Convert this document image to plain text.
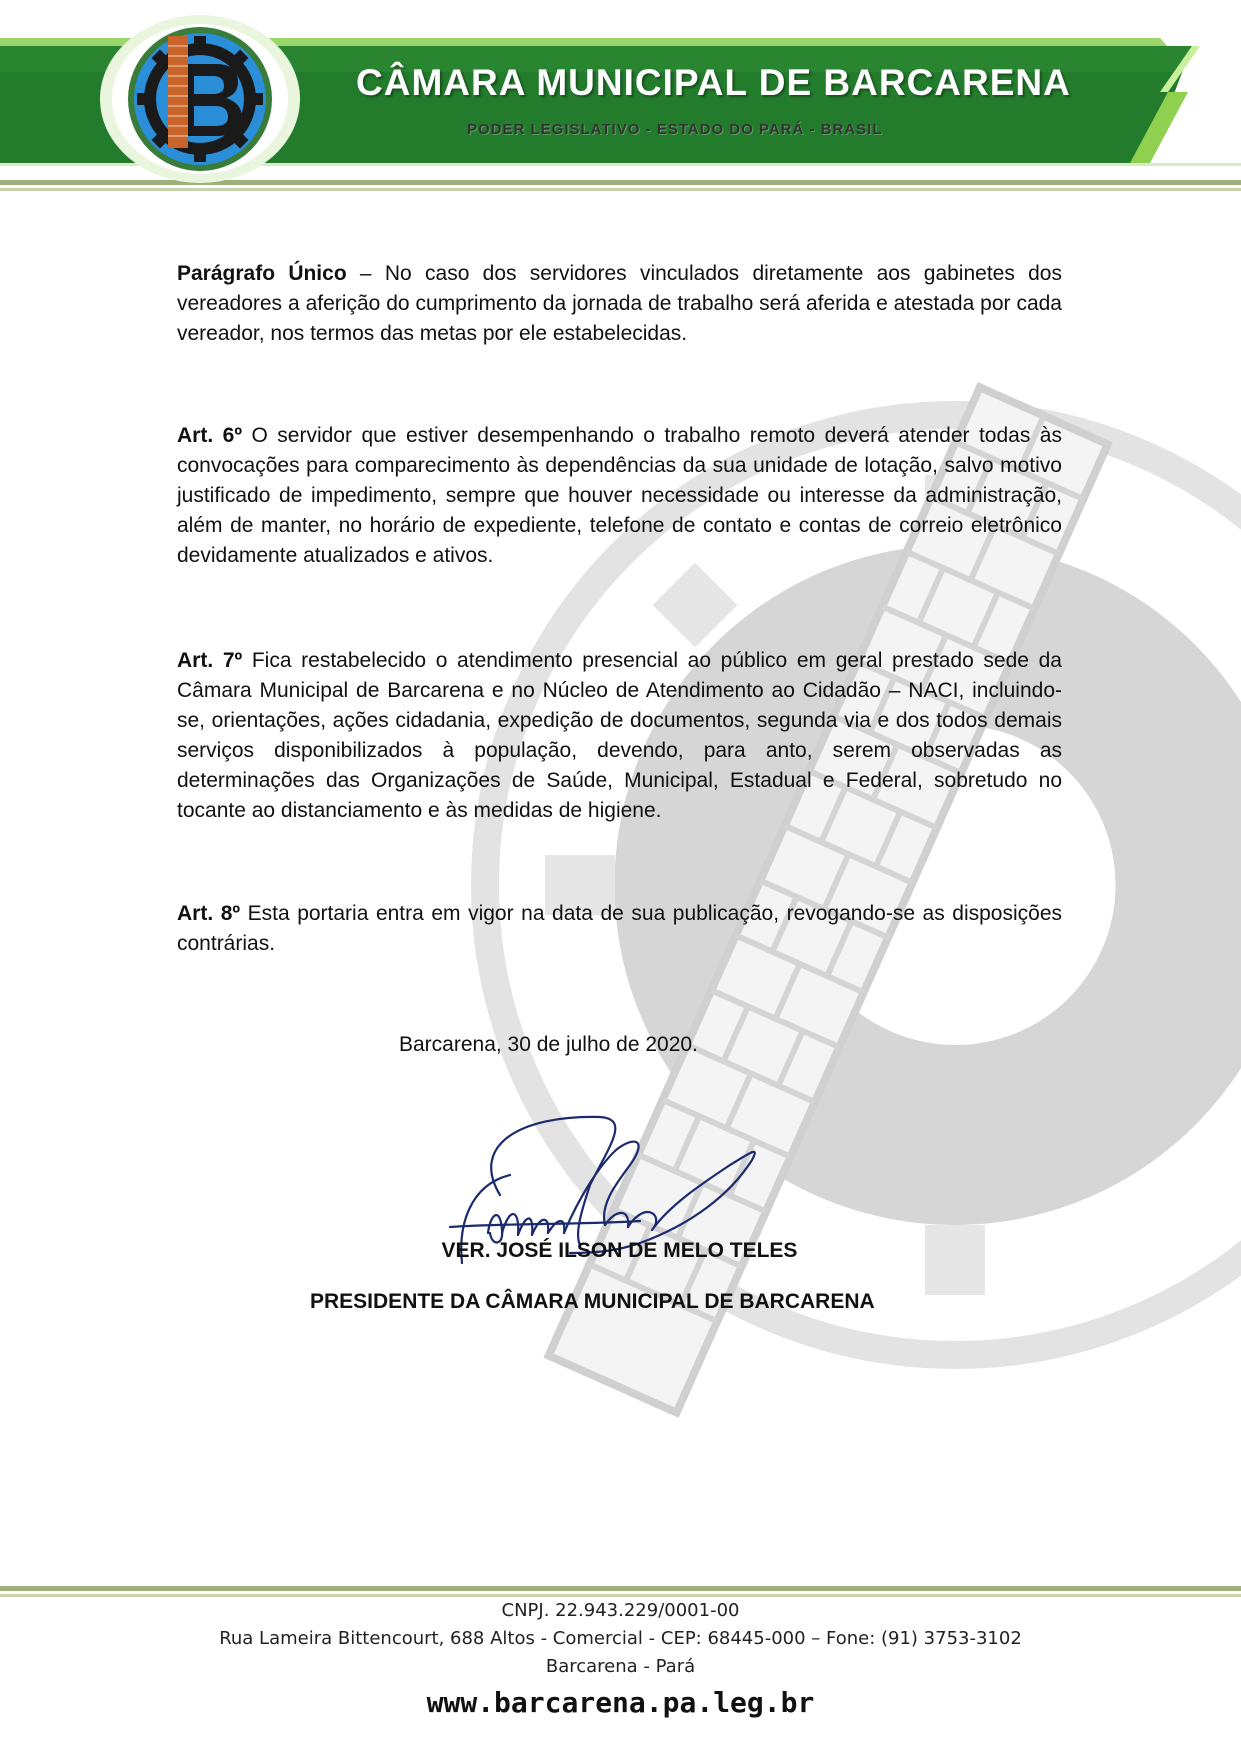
CÂMARA MUNICIPAL DE BARCARENA
PODER LEGISLATIVO - ESTADO DO PARÁ - BRASIL
Parágrafo Único – No caso dos servidores vinculados diretamente aos gabinetes dos vereadores a aferição do cumprimento da jornada de trabalho será aferida e atestada por cada vereador, nos termos das metas por ele estabelecidas.
Art. 6º O servidor que estiver desempenhando o trabalho remoto deverá atender todas às convocações para comparecimento às dependências da sua unidade de lotação, salvo motivo justificado de impedimento, sempre que houver necessidade ou interesse da administração, além de manter, no horário de expediente, telefone de contato e contas de correio eletrônico devidamente atualizados e ativos.
Art. 7º Fica restabelecido o atendimento presencial ao público em geral prestado sede da Câmara Municipal de Barcarena e no Núcleo de Atendimento ao Cidadão – NACI, incluindo-se, orientações, ações cidadania, expedição de documentos, segunda via e dos todos demais serviços disponibilizados à população, devendo, para anto, serem observadas as determinações das Organizações de Saúde, Municipal, Estadual e Federal, sobretudo no tocante ao distanciamento e às medidas de higiene.
Art. 8º Esta portaria entra em vigor na data de sua publicação, revogando-se as disposições contrárias.
Barcarena, 30 de julho de 2020.
VER. JOSÉ ILSON DE MELO TELES
PRESIDENTE DA CÂMARA MUNICIPAL DE BARCARENA
CNPJ. 22.943.229/0001-00
Rua Lameira Bittencourt, 688 Altos - Comercial - CEP: 68445-000 – Fone: (91) 3753-3102
Barcarena - Pará
www.barcarena.pa.leg.br
